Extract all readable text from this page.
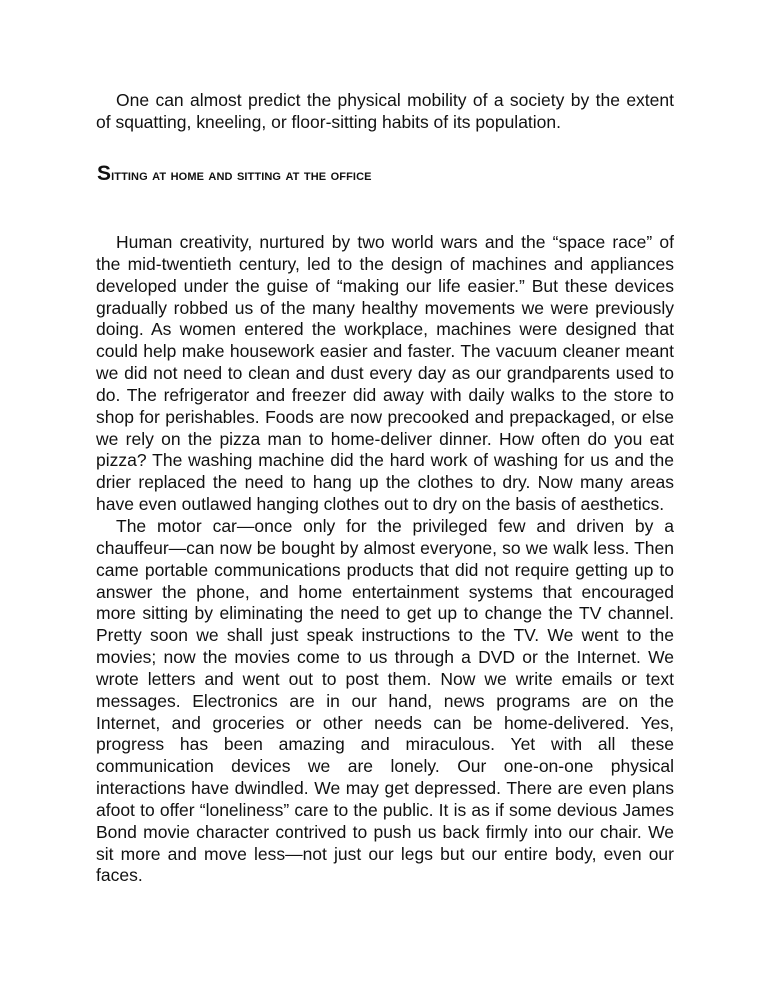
One can almost predict the physical mobility of a society by the extent of squatting, kneeling, or floor-sitting habits of its population.

Sitting at home and sitting at the office

Human creativity, nurtured by two world wars and the “space race” of the mid-twentieth century, led to the design of machines and appliances developed under the guise of “making our life easier.” But these devices gradually robbed us of the many healthy movements we were previously doing. As women entered the workplace, machines were designed that could help make housework easier and faster. The vacuum cleaner meant we did not need to clean and dust every day as our grandparents used to do. The refrigerator and freezer did away with daily walks to the store to shop for perishables. Foods are now precooked and prepackaged, or else we rely on the pizza man to home-deliver dinner. How often do you eat pizza? The washing machine did the hard work of washing for us and the drier replaced the need to hang up the clothes to dry. Now many areas have even outlawed hanging clothes out to dry on the basis of aesthetics.

The motor car—once only for the privileged few and driven by a chauffeur—can now be bought by almost everyone, so we walk less. Then came portable communications products that did not require getting up to answer the phone, and home entertainment systems that encouraged more sitting by eliminating the need to get up to change the TV channel. Pretty soon we shall just speak instructions to the TV. We went to the movies; now the movies come to us through a DVD or the Internet. We wrote letters and went out to post them. Now we write emails or text messages. Electronics are in our hand, news programs are on the Internet, and groceries or other needs can be home-delivered. Yes, progress has been amazing and miraculous. Yet with all these communication devices we are lonely. Our one-on-one physical interactions have dwindled. We may get depressed. There are even plans afoot to offer “loneliness” care to the public. It is as if some devious James Bond movie character contrived to push us back firmly into our chair. We sit more and move less—not just our legs but our entire body, even our faces.
